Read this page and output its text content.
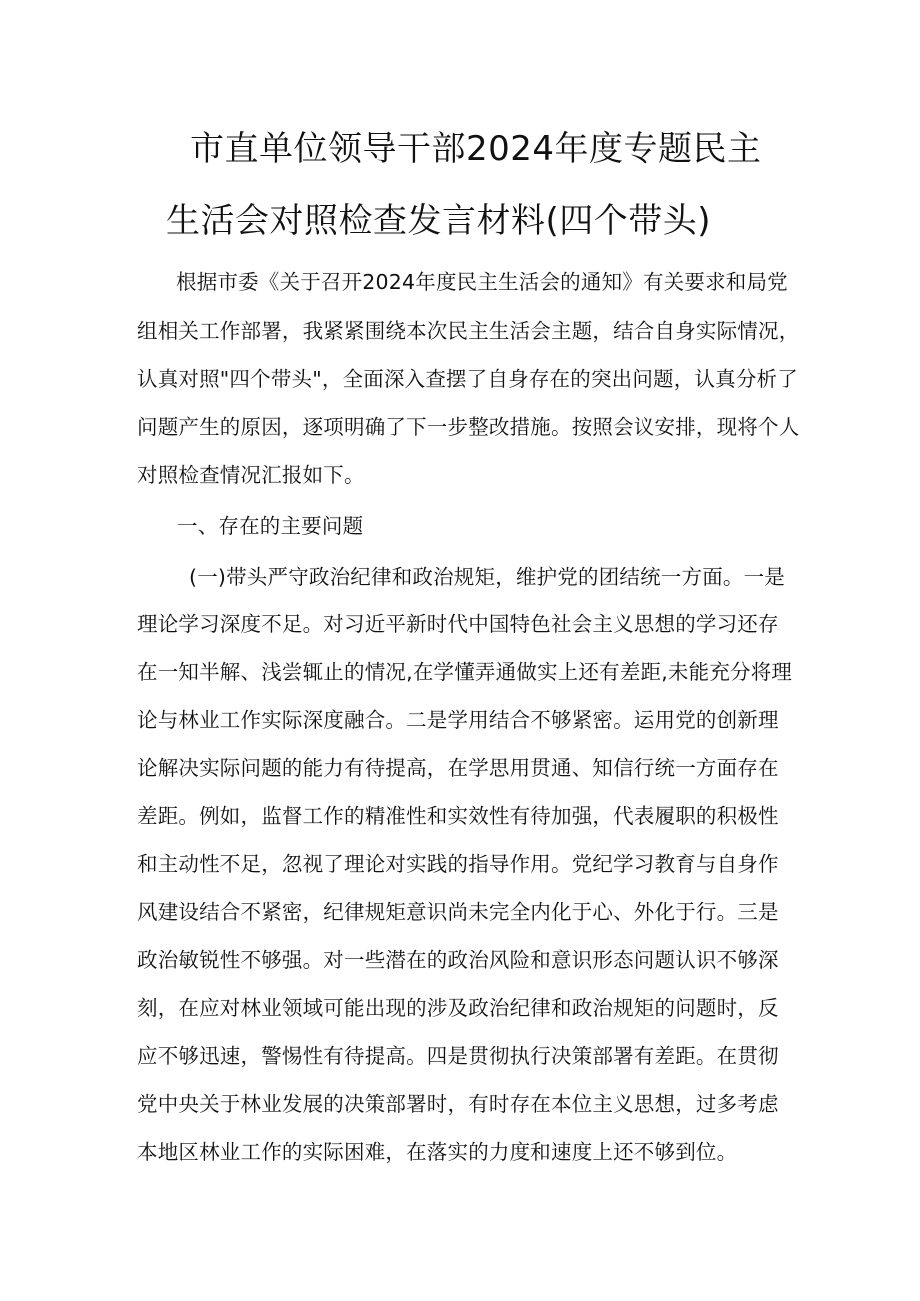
市直单位领导干部2024年度专题民主
生活会对照检查发言材料(四个带头)

根据市委《关于召开2024年度民主生活会的通知》有关要求和局党

组相关工作部署，我紧紧围绕本次民主生活会主题，结合自身实际情况，

认真对照"四个带头"，全面深入查摆了自身存在的突出问题，认真分析了

问题产生的原因，逐项明确了下一步整改措施。按照会议安排，现将个人

对照检查情况汇报如下。

一、存在的主要问题

(一)带头严守政治纪律和政治规矩，维护党的团结统一方面。一是

理论学习深度不足。对习近平新时代中国特色社会主义思想的学习还存

在一知半解、浅尝辄止的情况,在学懂弄通做实上还有差距,未能充分将理

论与林业工作实际深度融合。二是学用结合不够紧密。运用党的创新理

论解决实际问题的能力有待提高，在学思用贯通、知信行统一方面存在

差距。例如，监督工作的精准性和实效性有待加强，代表履职的积极性

和主动性不足，忽视了理论对实践的指导作用。党纪学习教育与自身作

风建设结合不紧密，纪律规矩意识尚未完全内化于心、外化于行。三是

政治敏锐性不够强。对一些潜在的政治风险和意识形态问题认识不够深

刻，在应对林业领域可能出现的涉及政治纪律和政治规矩的问题时，反

应不够迅速，警惕性有待提高。四是贯彻执行决策部署有差距。在贯彻

党中央关于林业发展的决策部署时，有时存在本位主义思想，过多考虑

本地区林业工作的实际困难，在落实的力度和速度上还不够到位。
